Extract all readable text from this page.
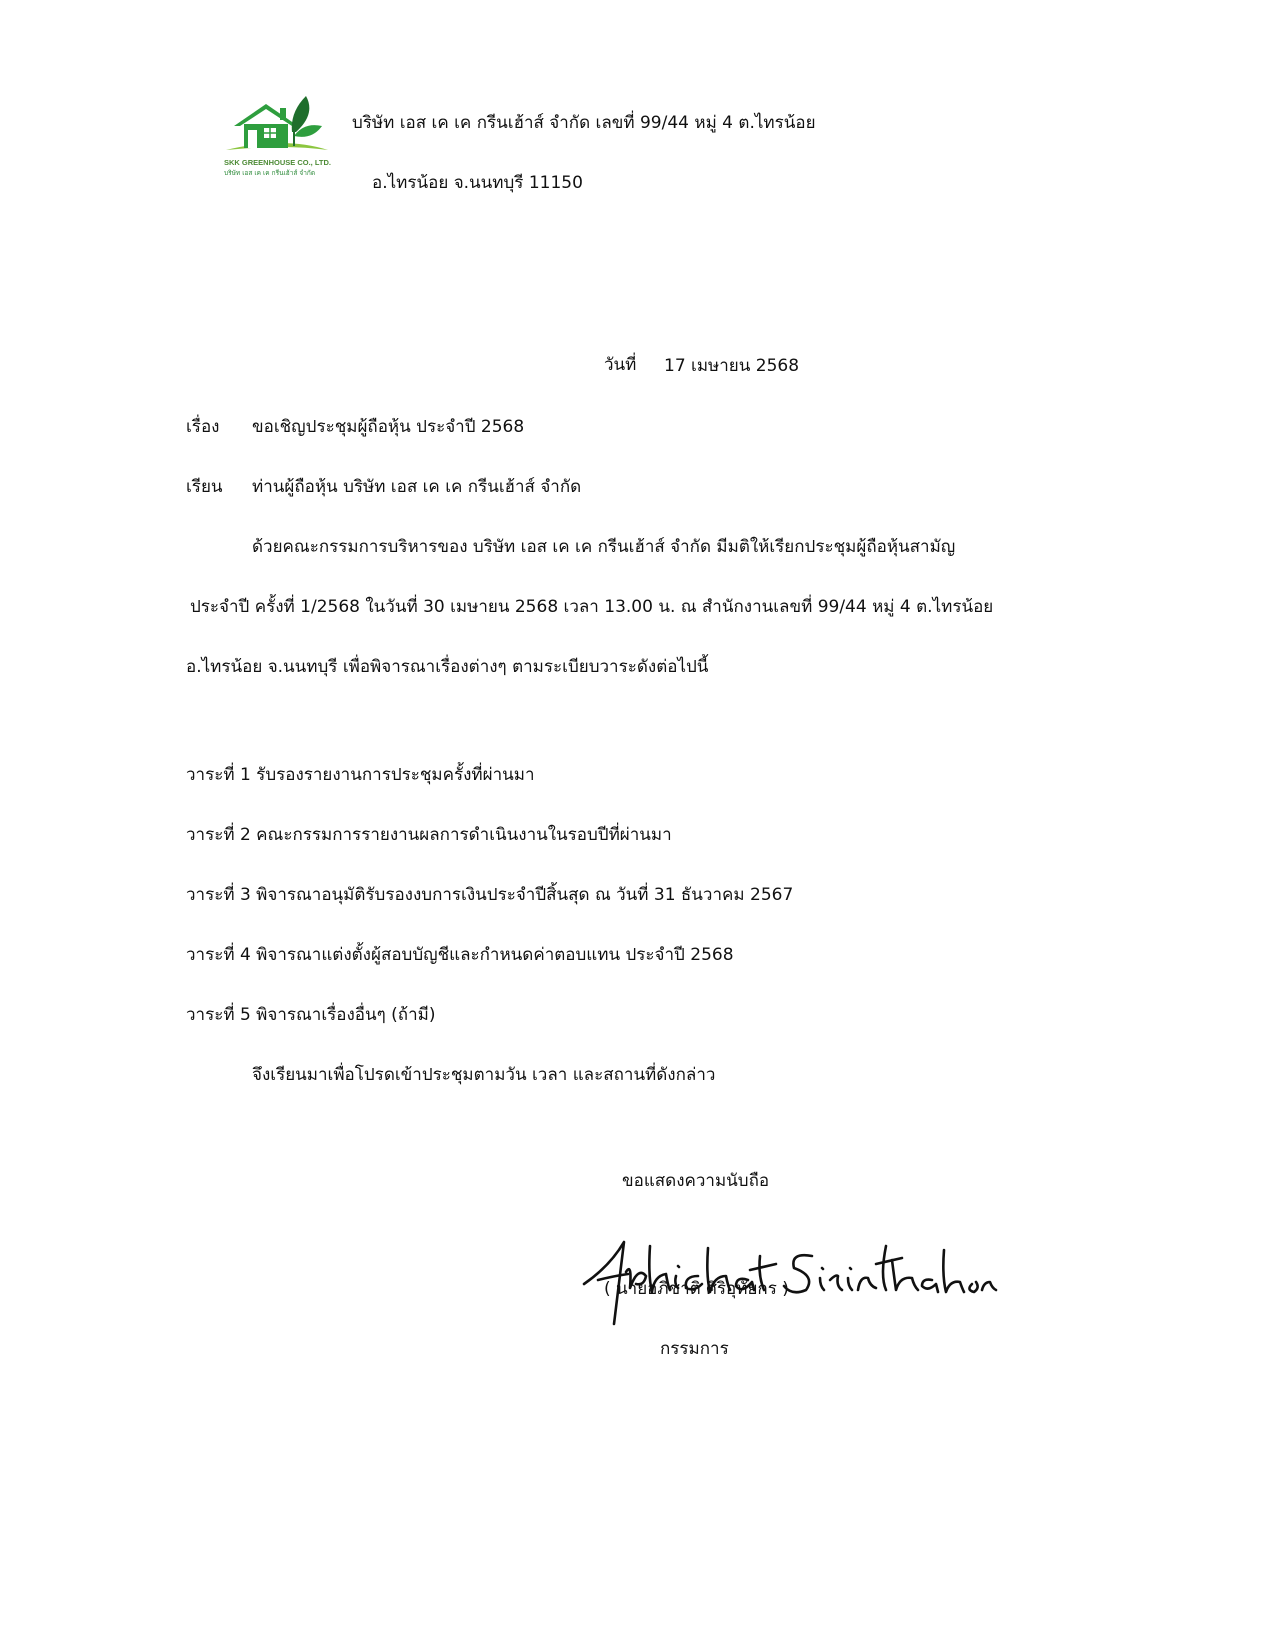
SKK GREENHOUSE CO., LTD.
บริษัท เอส เค เค กรีนเฮ้าส์ จำกัด
บริษัท เอส เค เค กรีนเฮ้าส์ จำกัด เลขที่ 99/44 หมู่ 4 ต.ไทรน้อย
อ.ไทรน้อย จ.นนทบุรี 11150
วันที่ 17 เมษายน 2568
เรื่อง ขอเชิญประชุมผู้ถือหุ้น ประจำปี 2568
เรียน ท่านผู้ถือหุ้น บริษัท เอส เค เค กรีนเฮ้าส์ จำกัด
ด้วยคณะกรรมการบริหารของ บริษัท เอส เค เค กรีนเฮ้าส์ จำกัด มีมติให้เรียกประชุมผู้ถือหุ้นสามัญ
ประจำปี ครั้งที่ 1/2568 ในวันที่ 30 เมษายน 2568 เวลา 13.00 น. ณ สำนักงานเลขที่ 99/44 หมู่ 4 ต.ไทรน้อย
อ.ไทรน้อย จ.นนทบุรี เพื่อพิจารณาเรื่องต่างๆ ตามระเบียบวาระดังต่อไปนี้
วาระที่ 1 รับรองรายงานการประชุมครั้งที่ผ่านมา
วาระที่ 2 คณะกรรมการรายงานผลการดำเนินงานในรอบปีที่ผ่านมา
วาระที่ 3 พิจารณาอนุมัติรับรองงบการเงินประจำปีสิ้นสุด ณ วันที่ 31 ธันวาคม 2567
วาระที่ 4 พิจารณาแต่งตั้งผู้สอบบัญชีและกำหนดค่าตอบแทน ประจำปี 2568
วาระที่ 5 พิจารณาเรื่องอื่นๆ (ถ้ามี)
จึงเรียนมาเพื่อโปรดเข้าประชุมตามวัน เวลา และสถานที่ดังกล่าว
ขอแสดงความนับถือ
( นายอภิชาติ ศิริอุทัยกร )
กรรมการ
